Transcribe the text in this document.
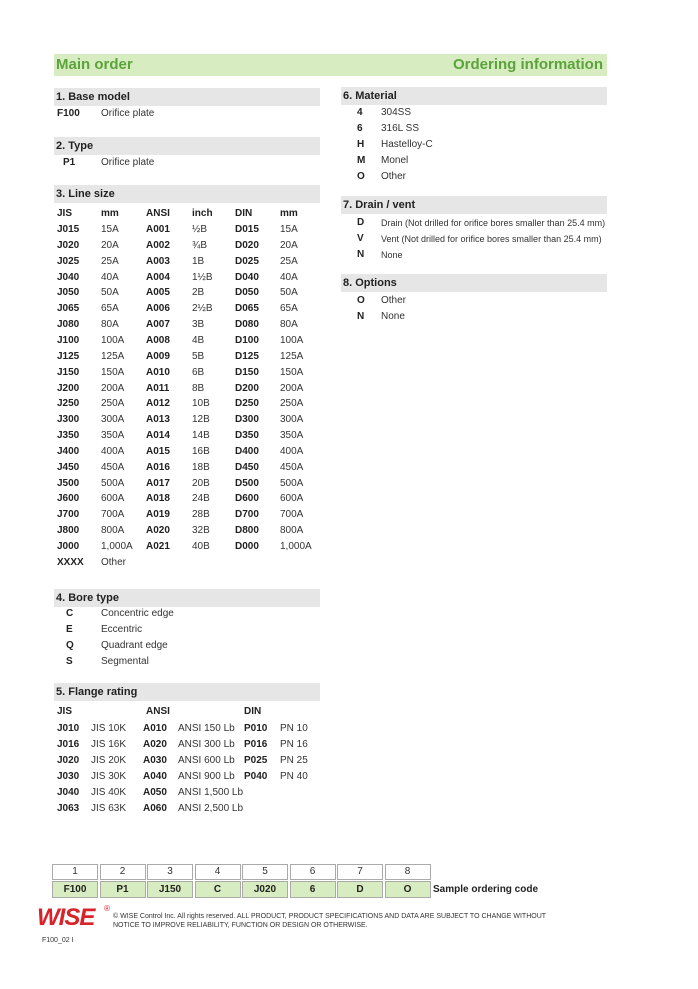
Main order	Ordering information
1. Base model
F100 Orifice plate
2. Type
P1	Orifice plate
3. Line size
JIS	mm	ANSI inch DIN	mm
J015 15A	A001 ½B	D015 15A
J020 20A	A002 ¾B	D020 20A
J025 25A	A003 1B	D025 25A
J040 40A	A004 1½B D040 40A
J050 50A	A005 2B	D050 50A
J065 65A	A006 2½B D065 65A
J080 80A	A007 3B	D080 80A
J100 100A A008 4B	D100 100A
J125 125A A009 5B	D125 125A
J150 150A A010 6B	D150 150A
J200 200A A011 8B	D200 200A
J250 250A A012 10B	D250 250A
J300 300A A013 12B	D300 300A
J350 350A A014 14B	D350 350A
J400 400A A015 16B	D400 400A
J450 450A A016 18B	D450 450A
J500 500A A017 20B	D500 500A
J600 600A A018 24B	D600 600A
J700 700A A019 28B	D700 700A
J800 800A A020 32B	D800 800A
J000 1,000A A021 40B	D000 1,000A
XXXX Other
4. Bore type
C	Concentric edge
E	Eccentric
Q	Quadrant edge
S	Segmental
5. Flange rating
JIS	ANSI	DIN
J010 JIS 10K A010 ANSI 150 Lb P010 PN 10
J016 JIS 16K A020 ANSI 300 Lb P016 PN 16
J020 JIS 20K A030 ANSI 600 Lb P025 PN 25
J030 JIS 30K A040 ANSI 900 Lb P040 PN 40
J040 JIS 40K A050 ANSI 1,500 Lb
J063 JIS 63K A060 ANSI 2,500 Lb
6. Material
4 304SS
6 316L SS
H Hastelloy-C
M Monel
O Other
7. Drain / vent
D Drain (Not drilled for orifice bores smaller than 25.4 mm)
V Vent (Not drilled for orifice bores smaller than 25.4 mm)
N None
8. Options
O Other
N None
1	2	3	4	5	6	7	8
F100	P1	J150	C	J020	6	D	O	Sample ordering code
WISE ®
© WISE Control Inc. All rights reserved. ALL PRODUCT, PRODUCT SPECIFICATIONS AND DATA ARE SUBJECT TO CHANGE WITHOUT
NOTICE TO IMPROVE RELIABILITY, FUNCTION OR DESIGN OR OTHERWISE.
F100_02 I
